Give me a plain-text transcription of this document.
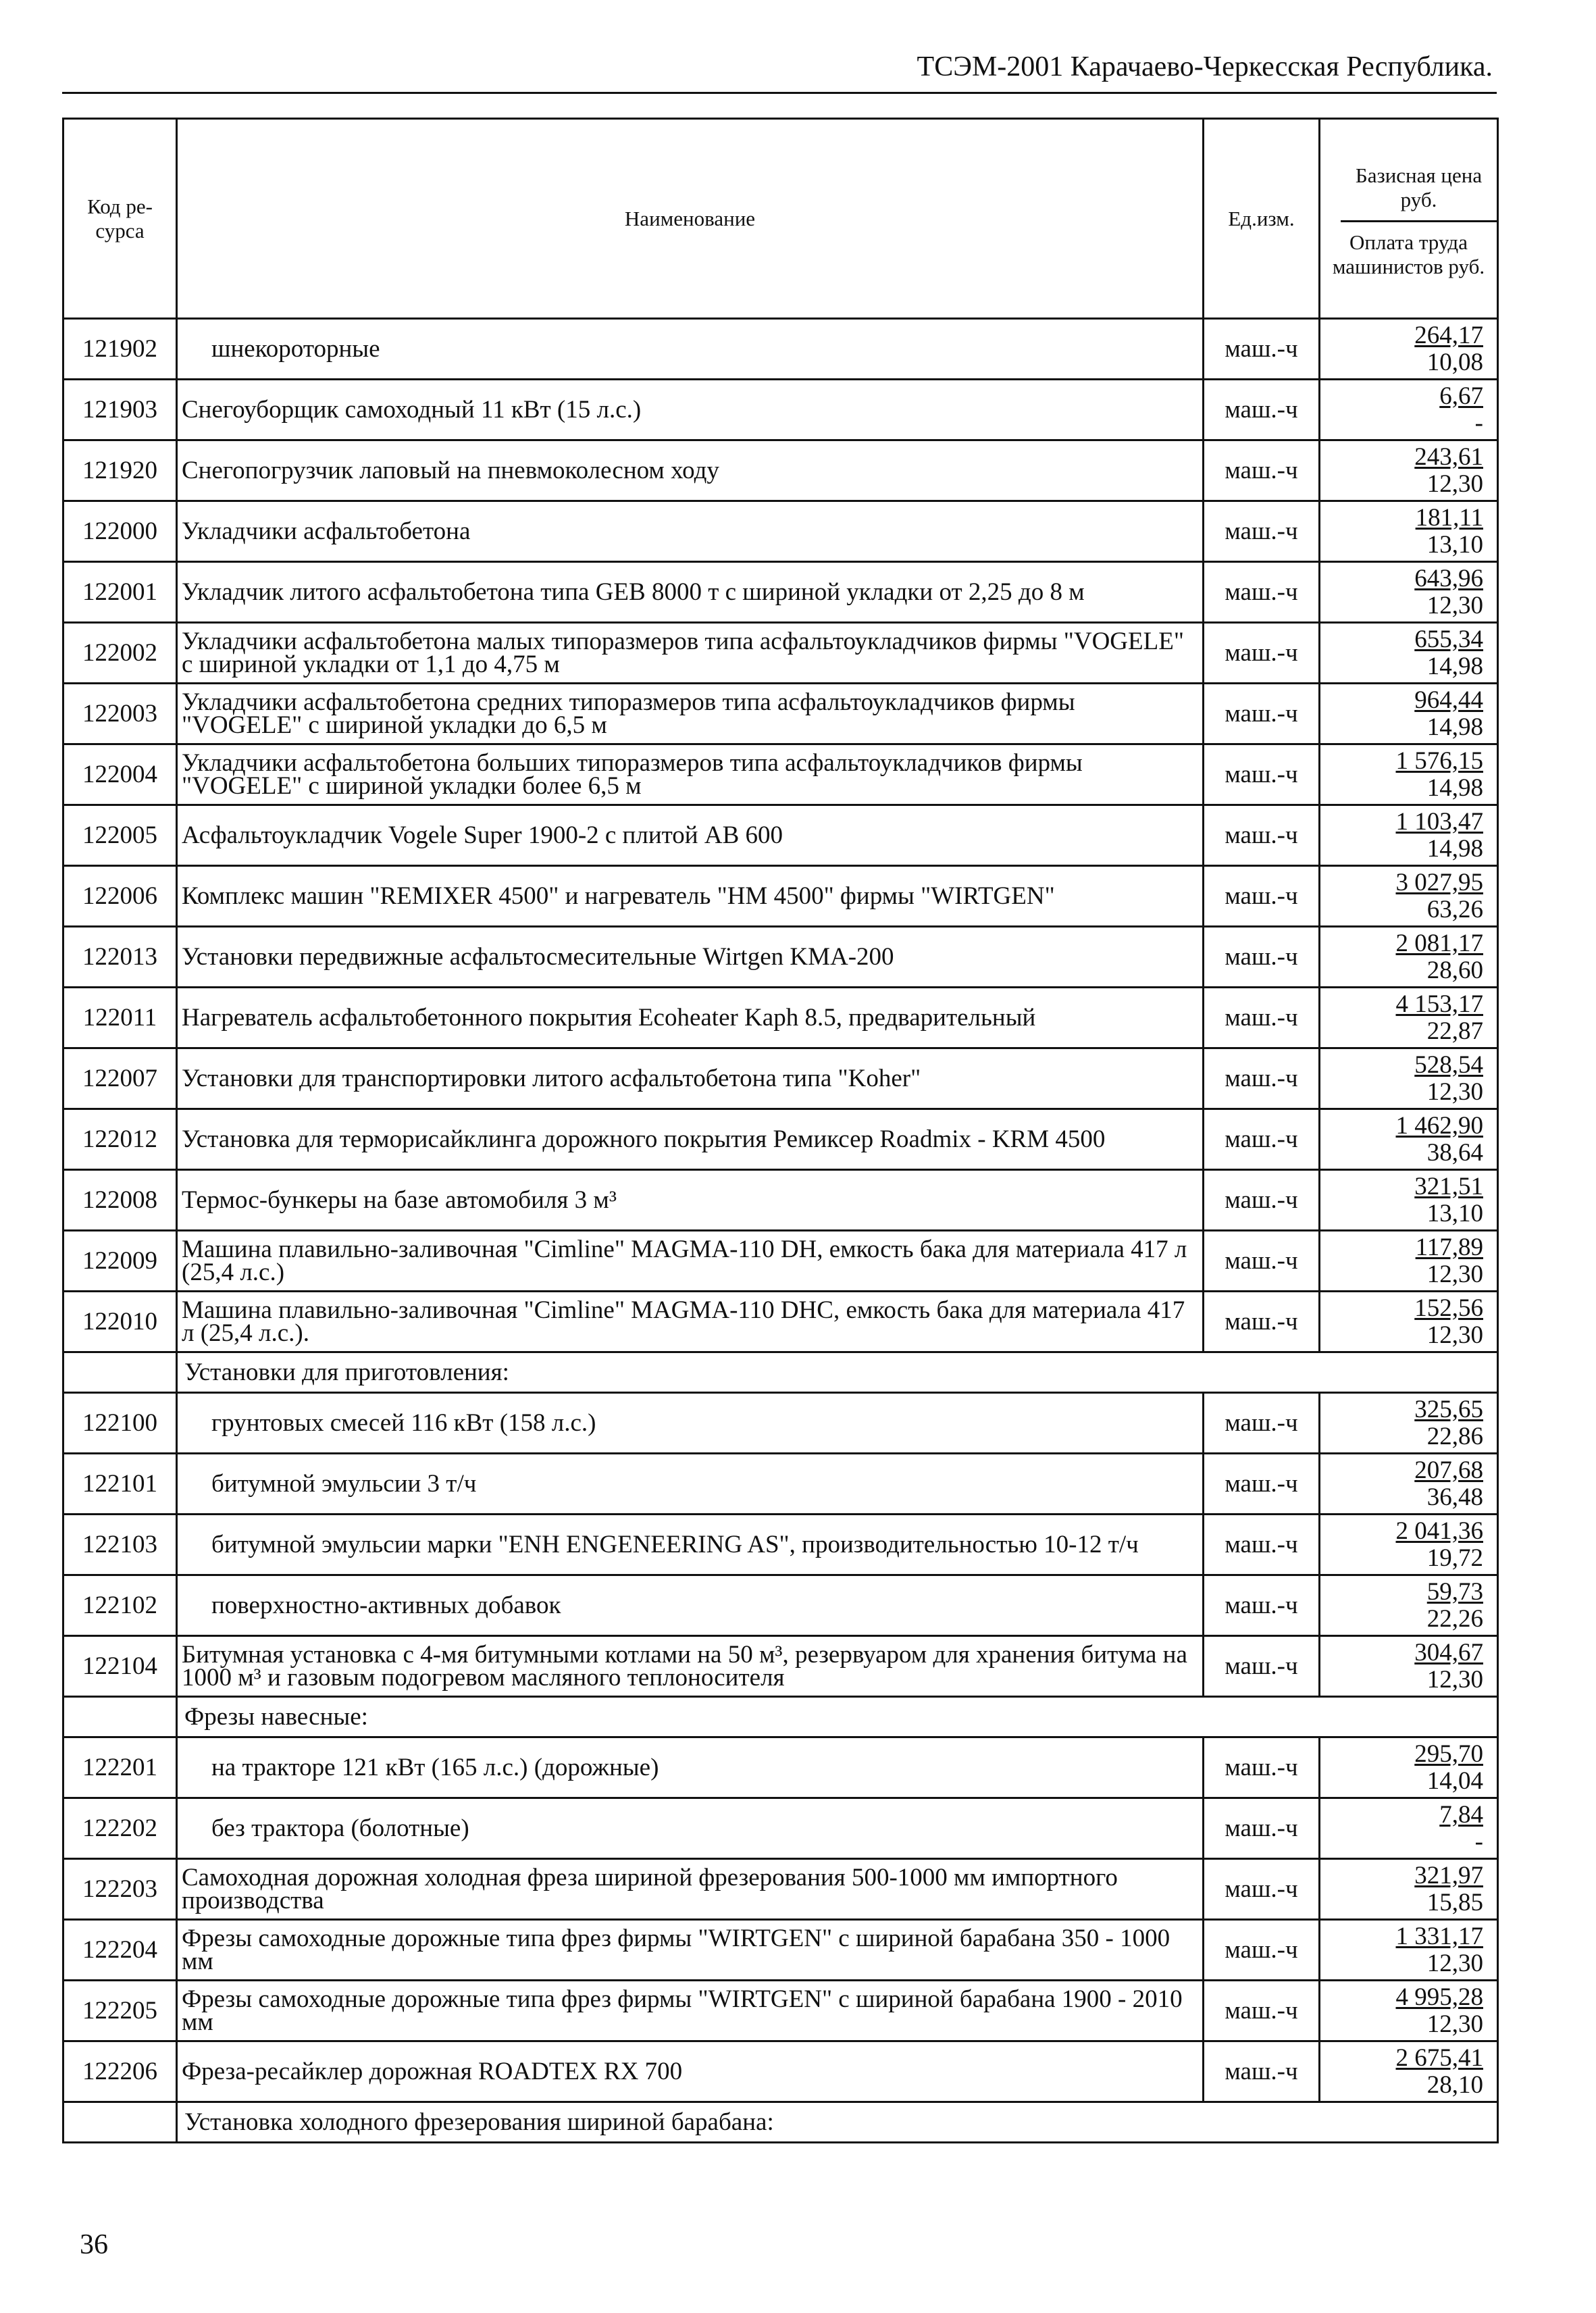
ТСЭМ-2001 Карачаево-Черкесская Республика.
Код ре-сурса	Наименование	Ед.изм.	Базисная цена руб.
Оплата труда машинистов руб.

121902	шнекороторные	маш.-ч	264,17
10,08

121903	Снегоуборщик самоходный 11 кВт (15 л.с.)	маш.-ч	6,67
-

121920	Снегопогрузчик лаповый на пневмоколесном ходу	маш.-ч	243,61
12,30

122000	Укладчики асфальтобетона	маш.-ч	181,11
13,10

122001	Укладчик литого асфальтобетона типа GEB 8000 т с шириной укладки от 2,25 до 8 м	маш.-ч	643,96
12,30

122002	Укладчики асфальтобетона малых типоразмеров типа асфальтоукладчиков фирмы "VOGELE" с шириной укладки от 1,1 до 4,75 м	маш.-ч	655,34
14,98

122003	Укладчики асфальтобетона средних типоразмеров типа асфальтоукладчиков фирмы "VOGELE" с шириной укладки до 6,5 м	маш.-ч	964,44
14,98

122004	Укладчики асфальтобетона больших типоразмеров типа асфальтоукладчиков фирмы "VOGELE" с шириной укладки более 6,5 м	маш.-ч	1 576,15
14,98

122005	Асфальтоукладчик Vogele Super 1900-2 с плитой AB 600	маш.-ч	1 103,47
14,98

122006	Комплекс машин "REMIXER 4500" и нагреватель "HM 4500" фирмы "WIRTGEN"	маш.-ч	3 027,95
63,26

122013	Установки передвижные асфальтосмесительные Wirtgen KMA-200	маш.-ч	2 081,17
28,60

122011	Нагреватель асфальтобетонного покрытия Ecoheater Kaph 8.5, предварительный	маш.-ч	4 153,17
22,87

122007	Установки для транспортировки литого асфальтобетона типа "Koher"	маш.-ч	528,54
12,30

122012	Установка для терморисайклинга дорожного покрытия Ремиксер Roadmix - KRM 4500	маш.-ч	1 462,90
38,64

122008	Термос-бункеры на базе автомобиля 3 м³	маш.-ч	321,51
13,10

122009	Машина плавильно-заливочная "Cimline" MAGMA-110 DH, емкость бака для материала 417 л (25,4 л.с.)	маш.-ч	117,89
12,30

122010	Машина плавильно-заливочная "Cimline" MAGMA-110 DHC, емкость бака для материала 417 л (25,4 л.с.).	маш.-ч	152,56
12,30

	Установки для приготовления:		
122100	грунтовых смесей 116 кВт (158 л.с.)	маш.-ч	325,65
22,86

122101	битумной эмульсии 3 т/ч	маш.-ч	207,68
36,48

122103	битумной эмульсии марки "ENH ENGENEERING AS", производительностью 10-12 т/ч	маш.-ч	2 041,36
19,72

122102	поверхностно-активных добавок	маш.-ч	59,73
22,26

122104	Битумная установка с 4-мя битумными котлами на 50 м³, резервуаром для хранения битума на 1000 м³ и газовым подогревом масляного теплоносителя	маш.-ч	304,67
12,30

	Фрезы навесные:		
122201	на тракторе 121 кВт (165 л.с.) (дорожные)	маш.-ч	295,70
14,04

122202	без трактора (болотные)	маш.-ч	7,84
-

122203	Самоходная дорожная холодная фреза шириной фрезерования 500-1000 мм импортного производства	маш.-ч	321,97
15,85

122204	Фрезы самоходные дорожные типа фрез фирмы "WIRTGEN" с шириной барабана 350 - 1000 мм	маш.-ч	1 331,17
12,30

122205	Фрезы самоходные дорожные типа фрез фирмы "WIRTGEN" с шириной барабана 1900 - 2010 мм	маш.-ч	4 995,28
12,30

122206	Фреза-ресайклер дорожная ROADTEX RX 700	маш.-ч	2 675,41
28,10

	Установка холодного фрезерования шириной барабана:		
36
